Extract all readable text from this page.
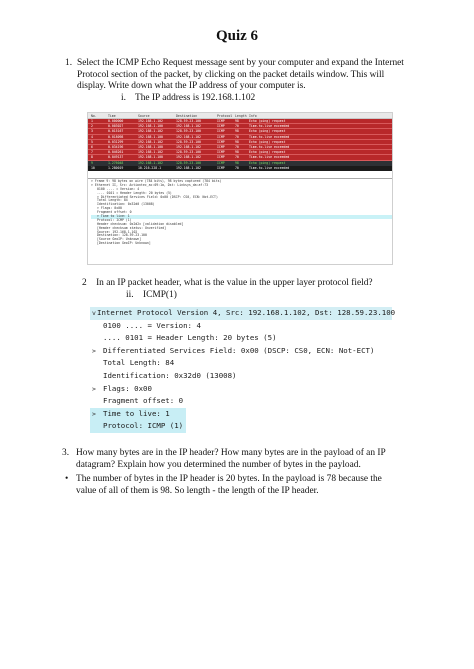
Quiz 6
1. Select the ICMP Echo Request message sent by your computer and expand the Internet Protocol section of the packet, by clicking on the packet details window. This will display. Write down what the IP address of your computer is.
i. The IP address is 192.168.1.102
No.	Time	Source	Destination	Protocol Length Info
1	0.000000	192.168.1.102	128.59.23.100	ICMP	98	Echo (ping) request
2	0.003027	192.168.1.100	192.168.1.102	ICMP	70	Time-to-live exceeded
3	0.015167	192.168.1.102	128.59.23.100	ICMP	98	Echo (ping) request
4	0.018098	192.168.1.100	192.168.1.102	ICMP	70	Time-to-live exceeded
5	0.031299	192.168.1.102	128.59.23.100	ICMP	98	Echo (ping) request
6	0.034196	192.168.1.100	192.168.1.102	ICMP	70	Time-to-live exceeded
7	0.046261	192.168.1.102	128.59.23.100	ICMP	98	Echo (ping) request
8	0.049137	192.168.1.100	192.168.1.102	ICMP	70	Time-to-live exceeded
9	1.276048	192.168.1.102	128.59.23.100	ICMP	98	Echo (ping) request
10	1.280019	10.216.228.1	192.168.1.102	ICMP	70	Time-to-live exceeded
> Frame 9: 98 bytes on wire (784 bits), 98 bytes captured (784 bits)
> Ethernet II, Src: Actiontec_ac:09:1a, Dst: Linksys_da:af:73
0100 .... = Version: 4
.... 0101 = Header Length: 20 bytes (5)
> Differentiated Services Field: 0x00 (DSCP: CS0, ECN: Not-ECT)
Total Length: 84
Identification: 0x32d0 (13008)
> Flags: 0x00
Fragment offset: 0
> Time to live: 1
Protocol: ICMP (1)
Header checksum: 0x2d2c [validation disabled]
[Header checksum status: Unverified]
Source: 192.168.1.102
Destination: 128.59.23.100
[Source GeoIP: Unknown]
[Destination GeoIP: Unknown]
2 In an IP packet header, what is the value in the upper layer protocol field?
ii. ICMP(1)
v Internet Protocol Version 4, Src: 192.168.1.102, Dst: 128.59.23.100
0100 .... = Version: 4
.... 0101 = Header Length: 20 bytes (5)
> Differentiated Services Field: 0x00 (DSCP: CS0, ECN: Not-ECT)
Total Length: 84
Identification: 0x32d0 (13008)
> Flags: 0x00
Fragment offset: 0
> Time to live: 1
Protocol: ICMP (1)
3. How many bytes are in the IP header? How many bytes are in the payload of an IP datagram? Explain how you determined the number of bytes in the payload.
• The number of bytes in the IP header is 20 bytes. In the payload is 78 because the value of all of them is 98. So length - the length of the IP header.
